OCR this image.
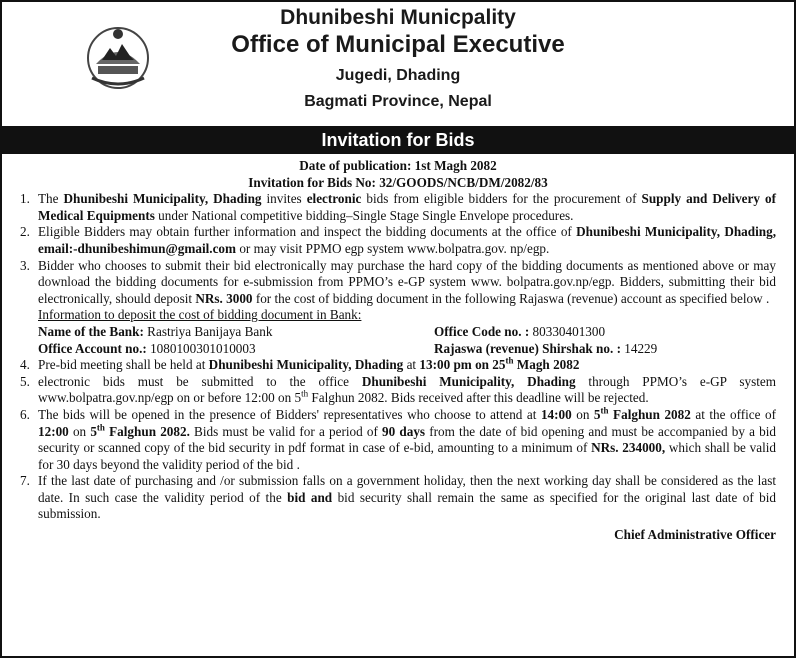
Dhunibeshi Municpality
Office of Municipal Executive
Jugedi, Dhading
Bagmati Province, Nepal
Invitation for Bids
Date of publication: 1st Magh 2082
Invitation for Bids No: 32/GOODS/NCB/DM/2082/83
1. The Dhunibeshi Municipality, Dhading invites electronic bids from eligible bidders for the procurement of Supply and Delivery of Medical Equipments under National competitive bidding–Single Stage Single Envelope procedures.
2. Eligible Bidders may obtain further information and inspect the bidding documents at the office of Dhunibeshi Municipality, Dhading, email:-dhunibeshimun@gmail.com or may visit PPMO egp system www.bolpatra.gov. np/egp.
3. Bidder who chooses to submit their bid electronically may purchase the hard copy of the bidding documents as mentioned above or may download the bidding documents for e-submission from PPMO’s e-GP system www. bolpatra.gov.np/egp. Bidders, submitting their bid electronically, should deposit NRs. 3000 for the cost of bidding document in the following Rajaswa (revenue) account as specified below .
Information to deposit the cost of bidding document in Bank:
Name of the Bank: Rastriya Banijaya Bank	Office Code no. : 80330401300
Office Account no.: 1080100301010003	Rajaswa (revenue) Shirshak no. : 14229
4. Pre-bid meeting shall be held at Dhunibeshi Municipality, Dhading at 13:00 pm on 25th Magh 2082
5. electronic bids must be submitted to the office Dhunibeshi Municipality, Dhading through PPMO’s e-GP system www.bolpatra.gov.np/egp on or before 12:00 on 5th Falghun 2082. Bids received after this deadline will be rejected.
6. The bids will be opened in the presence of Bidders' representatives who choose to attend at 14:00 on 5th Falghun 2082 at the office of 12:00 on 5th Falghun 2082. Bids must be valid for a period of 90 days from the date of bid opening and must be accompanied by a bid security or scanned copy of the bid security in pdf format in case of e-bid, amounting to a minimum of NRs. 234000, which shall be valid for 30 days beyond the validity period of the bid .
7. If the last date of purchasing and /or submission falls on a government holiday, then the next working day shall be considered as the last date. In such case the validity period of the bid and bid security shall remain the same as specified for the original last date of bid submission.
Chief Administrative Officer
